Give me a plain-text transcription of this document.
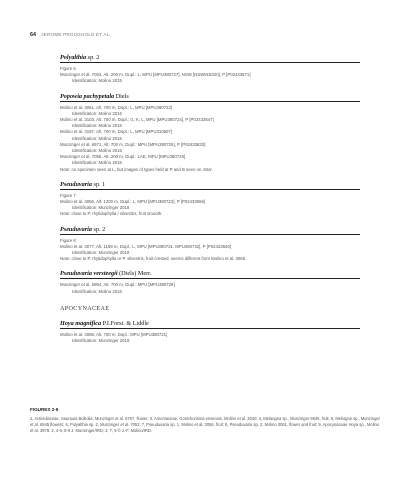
64 JEROME PROUGHOLD ET AL.
Polyalthia sp. 2
Figure 6
Munzinger et al. 7053, Alt. 200 m, Dupl.: L, MPU [MPU380727], NSW [NSW818320], P [P02433671]
Identification: Molino 2015
Popowia pachypetala Diels
Molino et al. 3061, Alt. 700 m, Dupl.: L, MPU [MPU380723]
Identification: Molino 2016
Molino et al. 3103, Alt. 700 m, Dupl.: G, K, L, MPU [MPU380724], P [P02433647]
Identification: Molino 2016
Molino et al. 3187, Alt. 700 m, Dupl.: L, MPU [MPU310607]
Identification: Molino 2016
Munzinger et al. 6971, Alt. 700 m, Dupl.: MPU [MPU380725], P [P02433833]
Identification: Molino 2016
Munzinger et al. 7056, Alt. 200 m, Dupl.: LAE, MPU [MPU380726]
Identification: Molino 2016
Note: no specimen seen at L, but images of types held at P and B seen on Jstor.
Pseuduvaria sp. 1
Figure 7
Molino et al. 3056, Alt. 1200 m, Dupl.: L, MPU [MPU380722], P [P02433656]
Identification: Munzinger 2018
Note: close to P. rhytidophylla / silvestris, fruit smooth.
Pseuduvaria sp. 2
Figure 8
Molino et al. 3077, Alt. 1188 m, Dupl.: L, MPU [MPU380731, MPU380732], P [P02433640]
Identification: Munzinger 2018
Note: close to P. rhytidophylla or P. silvestris, fruit crested, seems different from Molino et al. 3056.
Pseuduvaria versteegii (Diels) Merr.
Munzinger et al. 6994, Alt. 700 m, Dupl.: MPU [MPU380728]
Identification: Molino 2016
APOCYNACEAE
Hoya magnifica P.I.Forst. & Liddle
Molino et al. 3088, Alt. 700 m, Dupl.: MPU [MPU380721]
Identification: Munzinger 2018
FIGURES 2-9
2, Actinidiaceae, Saurauia Boiliolia, Munzinger et al. 6767, flower; 3, Amomaceae, Gonichorisma ensensis, Molino et al. 3040; 4, Melangea sp., Munzinger 6945, fruit; 5, Meliogne sp., Munzinger et al. 6945 flowers; 6, Polyalthia sp. 2, Munzinger et al. 7053; 7, Pseuduvaria sp. 1, Molino et al. 3056, fruit; 8, Pseuduvaria sp. 2, Molino 3061, flower and fruit; 9, Apocynaceae Hoya sp., Molino et al. 3978. 2, 4-6, 8-9 J. Munzinger/IRD; 3, 7, 9 © J.-F. Molino/IRD.
